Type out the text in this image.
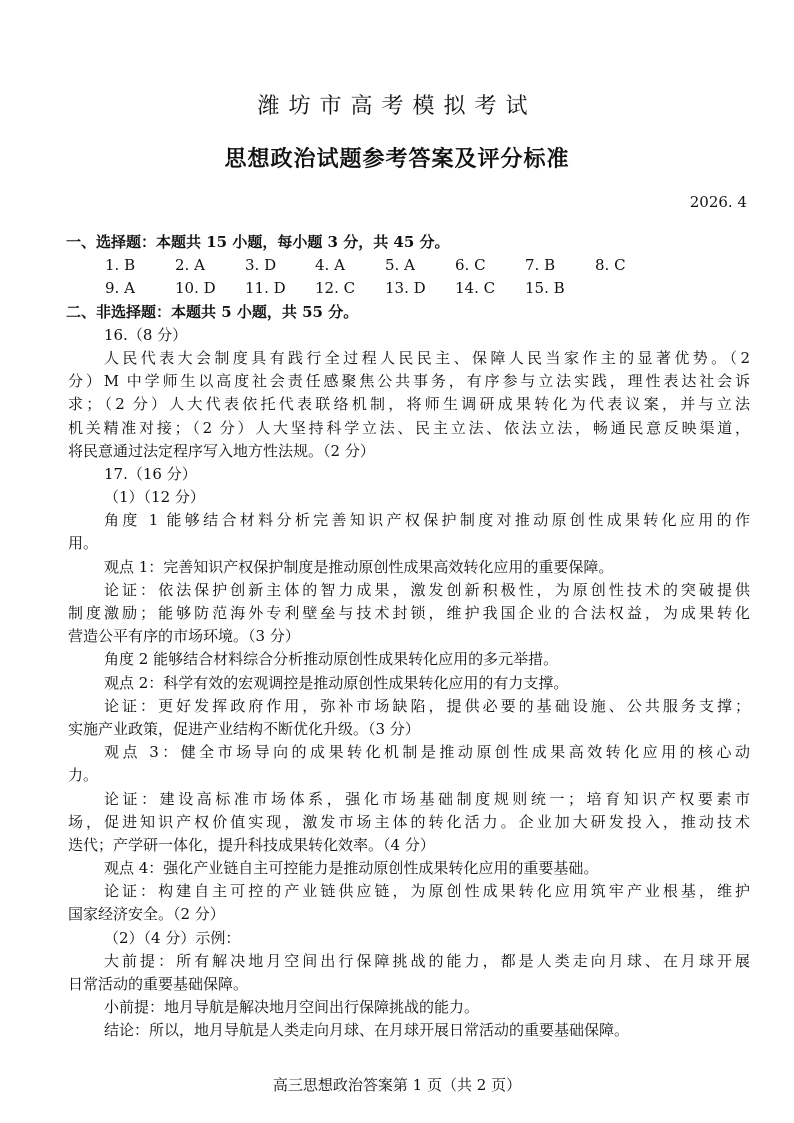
潍坊市高考模拟考试
思想政治试题参考答案及评分标准
2026. 4
一、选择题：本题共 15 小题，每小题 3 分，共 45 分。
1. B	2. A	3. D	4. A	5. A	6. C	7. B	8. C
9. A	10. D	11. D	12. C	13. D	14. C	15. B
二、非选择题：本题共 5 小题，共 55 分。
16.（8 分）
人民代表大会制度具有践行全过程人民民主、保障人民当家作主的显著优势。（2
分）M 中学师生以高度社会责任感聚焦公共事务，有序参与立法实践，理性表达社会诉
求；（2 分）人大代表依托代表联络机制，将师生调研成果转化为代表议案，并与立法
机关精准对接；（2 分）人大坚持科学立法、民主立法、依法立法，畅通民意反映渠道，
将民意通过法定程序写入地方性法规。（2 分）
17.（16 分）
（1）（12 分）
角度 1 能够结合材料分析完善知识产权保护制度对推动原创性成果转化应用的作
用。
观点 1：完善知识产权保护制度是推动原创性成果高效转化应用的重要保障。
论证：依法保护创新主体的智力成果，激发创新积极性，为原创性技术的突破提供
制度激励；能够防范海外专利壁垒与技术封锁，维护我国企业的合法权益，为成果转化
营造公平有序的市场环境。（3 分）
角度 2 能够结合材料综合分析推动原创性成果转化应用的多元举措。
观点 2：科学有效的宏观调控是推动原创性成果转化应用的有力支撑。
论证：更好发挥政府作用，弥补市场缺陷，提供必要的基础设施、公共服务支撑；
实施产业政策，促进产业结构不断优化升级。（3 分）
观点 3：健全市场导向的成果转化机制是推动原创性成果高效转化应用的核心动
力。
论证：建设高标准市场体系，强化市场基础制度规则统一；培育知识产权要素市
场，促进知识产权价值实现，激发市场主体的转化活力。企业加大研发投入，推动技术
迭代；产学研一体化，提升科技成果转化效率。（4 分）
观点 4：强化产业链自主可控能力是推动原创性成果转化应用的重要基础。
论证：构建自主可控的产业链供应链，为原创性成果转化应用筑牢产业根基，维护
国家经济安全。（2 分）
（2）（4 分）示例：
大前提：所有解决地月空间出行保障挑战的能力，都是人类走向月球、在月球开展
日常活动的重要基础保障。
小前提：地月导航是解决地月空间出行保障挑战的能力。
结论：所以，地月导航是人类走向月球、在月球开展日常活动的重要基础保障。
高三思想政治答案第 1 页（共 2 页）
